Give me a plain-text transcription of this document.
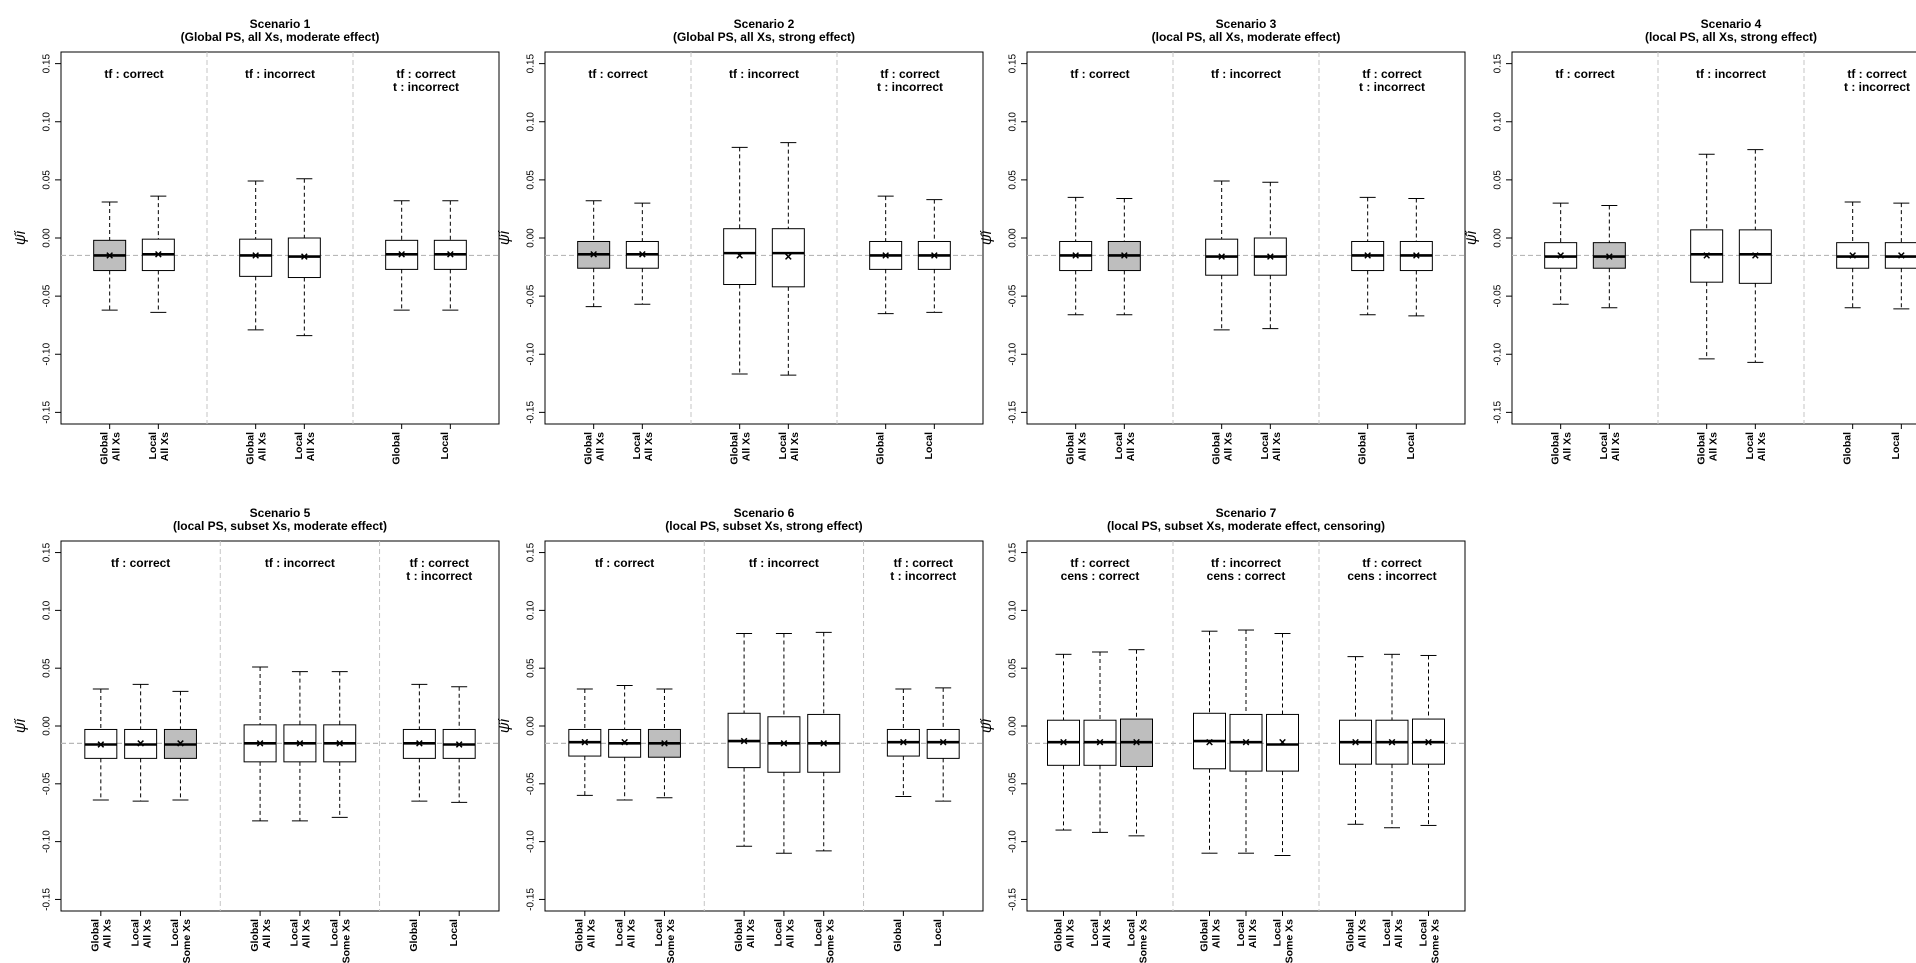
Scenario 1
(Global PS, all Xs, moderate effect)
-0.15
-0.10
-0.05
0.00
0.05
0.10
0.15
ψ̂i
tf : correct
Global All Xs Local All Xs
tf : incorrect
Global All Xs Local All Xs
tf : correct
t : incorrect
Global	Local
Scenario 2
(Global PS, all Xs, strong effect)
-0.15
-0.10
-0.05
0.00
0.05
0.10
0.15
ψ̂i
tf : correct
Global All Xs Local All Xs
tf : incorrect
Global All Xs Local All Xs
tf : correct
t : incorrect
Global	Local
Scenario 3
(local PS, all Xs, moderate effect)
-0.15
-0.10
-0.05
0.00
0.05
0.10
0.15
ψ̂i
tf : correct
Global All Xs Local All Xs
tf : incorrect
Global All Xs Local All Xs
tf : correct
t : incorrect
Global	Local
Scenario 4
(local PS, all Xs, strong effect)
-0.15
-0.10
-0.05
0.00
0.05
0.10
0.15
ψ̂i
tf : correct
Global All Xs Local All Xs
tf : incorrect
Global All Xs Local All Xs
tf : correct
t : incorrect
Global	Local
Scenario 5
(local PS, subset Xs, moderate effect)
-0.15
-0.10
-0.05
0.00
0.05
0.10
0.15
ψ̂i
tf : correct
Global All Xs Local All Xs Local Some Xs
tf : incorrect
Global All Xs Local All Xs Local Some Xs
tf : correct
t : incorrect
Global	Local
Scenario 6
(local PS, subset Xs, strong effect)
-0.15
-0.10
-0.05
0.00
0.05
0.10
0.15
ψ̂i
tf : correct
Global All Xs Local All Xs Local Some Xs
tf : incorrect
Global All Xs Local All Xs Local Some Xs
tf : correct
t : incorrect
Global	Local
Scenario 7
(local PS, subset Xs, moderate effect, censoring)
-0.15
-0.10
-0.05
0.00
0.05
0.10
0.15
ψ̂i
tf : correct
cens : correct
Global All Xs Local All Xs Local Some Xs
tf : incorrect
cens : correct
Global All Xs Local All Xs Local Some Xs
tf : correct
cens : incorrect
Global All Xs Local All Xs Local Some Xs
